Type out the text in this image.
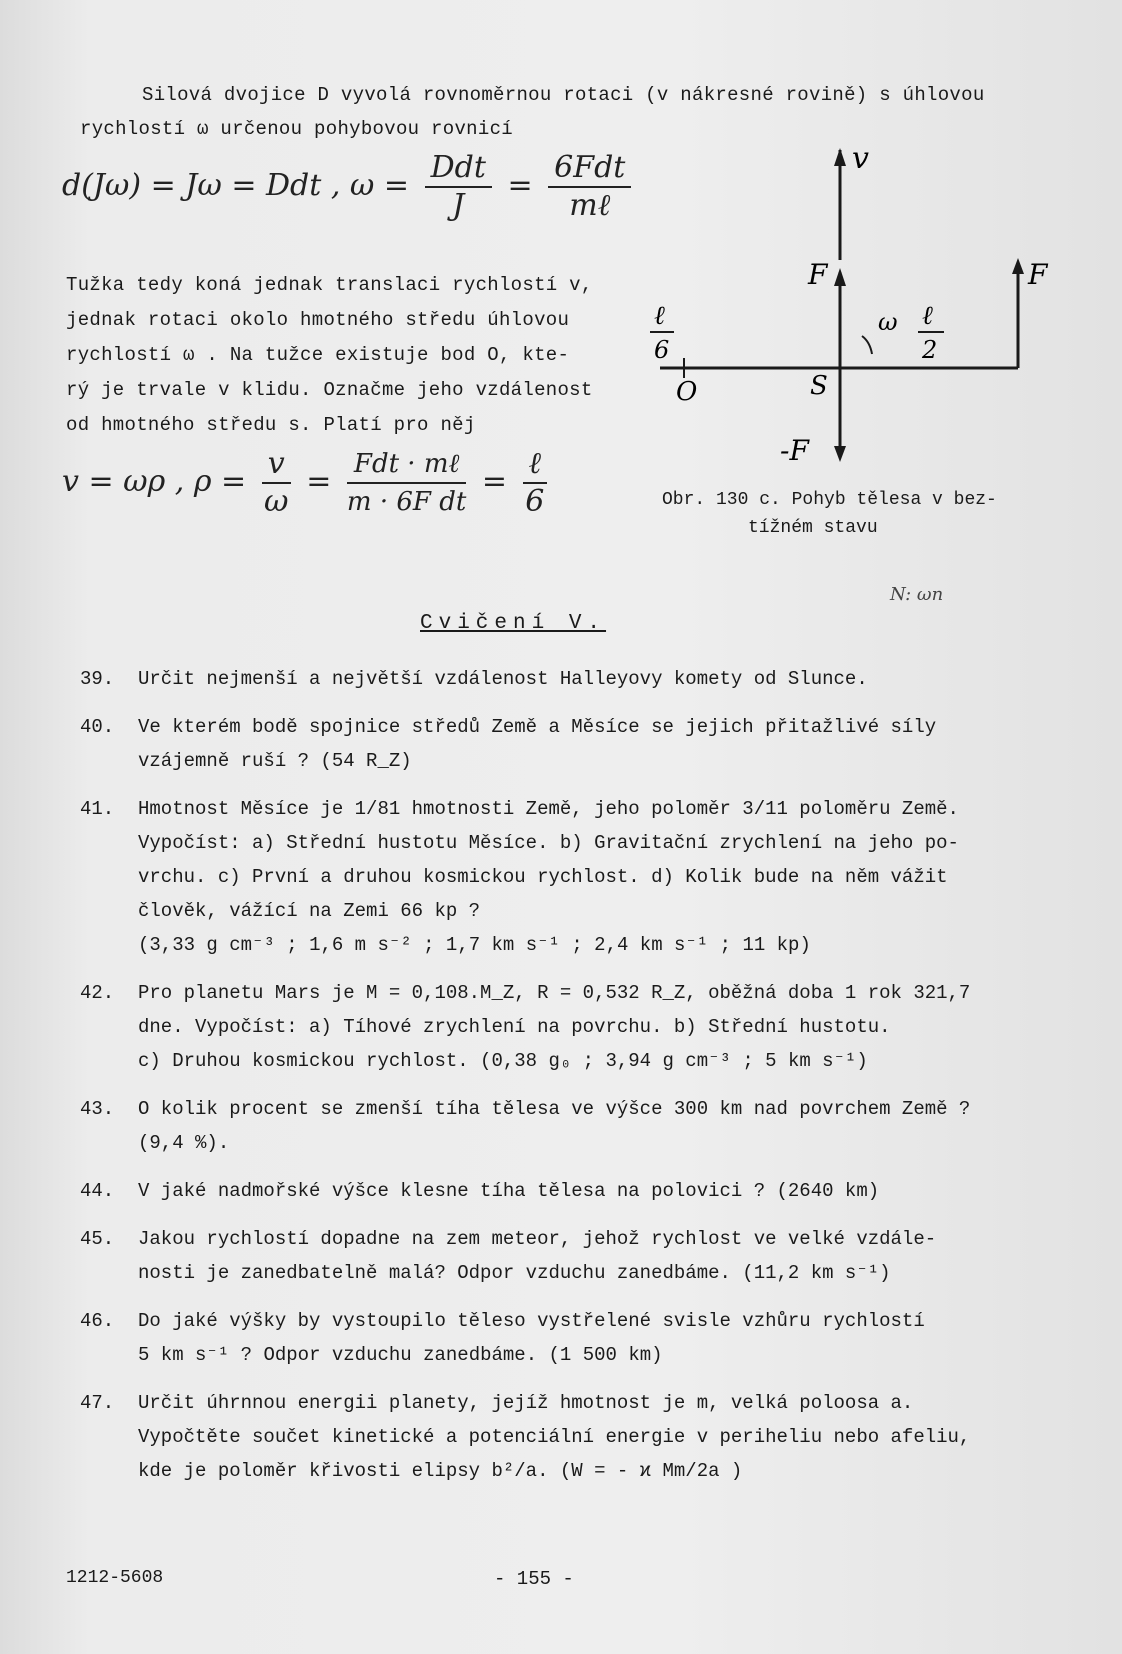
Silová dvojice D vyvolá rovnoměrnou rotaci (v nákresné rovině) s úhlovou
rychlostí ω určenou pohybovou rovnicí
d(Jω) = Jω = Ddt , $\omega = \frac{\text{Ddt}}{J} = \frac{\text{6Fdt}}{\text{mℓ}}$
Tužka tedy koná jednak translaci rychlostí v,
jednak rotaci okolo hmotného středu úhlovou
rychlostí ω . Na tužce existuje bod O, kte-
rý je trvale v klidu. Označme jeho vzdálenost
od hmotného středu s. Platí pro něj
v = ωρ , $\rho = \frac{v}{\omega} = \frac{\text{Fdt · mℓ}}{\text{m · 6F dt}} = \frac{\text{ℓ}}{6}$
v
F	F
ℓ
6
ℓ
2
ω
O	S
-F
Obr. 130 c. Pohyb tělesa v bez-
tížném stavu
N: ωn
Cvičení V.
39. Určit nejmenší a největší vzdálenost Halleyovy komety od Slunce.
40. Ve kterém bodě spojnice středů Země a Měsíce se jejich přitažlivé síly
vzájemně ruší ? (54 R_Z)
41. Hmotnost Měsíce je 1/81 hmotnosti Země, jeho poloměr 3/11 poloměru Země.
Vypočíst: a) Střední hustotu Měsíce. b) Gravitační zrychlení na jeho po-
vrchu. c) První a druhou kosmickou rychlost. d) Kolik bude na něm vážit
člověk, vážící na Zemi 66 kp ?
(3,33 g cm⁻³ ; 1,6 m s⁻² ; 1,7 km s⁻¹ ; 2,4 km s⁻¹ ; 11 kp)
42. Pro planetu Mars je M = 0,108.M_Z, R = 0,532 R_Z, oběžná doba 1 rok 321,7
dne. Vypočíst: a) Tíhové zrychlení na povrchu. b) Střední hustotu.
c) Druhou kosmickou rychlost. (0,38 g₀ ; 3,94 g cm⁻³ ; 5 km s⁻¹)
43. O kolik procent se zmenší tíha tělesa ve výšce 300 km nad povrchem Země ?
(9,4 %).
44. V jaké nadmořské výšce klesne tíha tělesa na polovici ? (2640 km)
45. Jakou rychlostí dopadne na zem meteor, jehož rychlost ve velké vzdále-
nosti je zanedbatelně malá? Odpor vzduchu zanedbáme. (11,2 km s⁻¹)
46. Do jaké výšky by vystoupilo těleso vystřelené svisle vzhůru rychlostí
5 km s⁻¹ ? Odpor vzduchu zanedbáme. (1 500 km)
47. Určit úhrnnou energii planety, jejíž hmotnost je m, velká poloosa a.
Vypočtěte součet kinetické a potenciální energie v periheliu nebo afeliu,
kde je poloměr křivosti elipsy b²/a. (W = - ϰ Mm/2a )
1212-5608	- 155 -
